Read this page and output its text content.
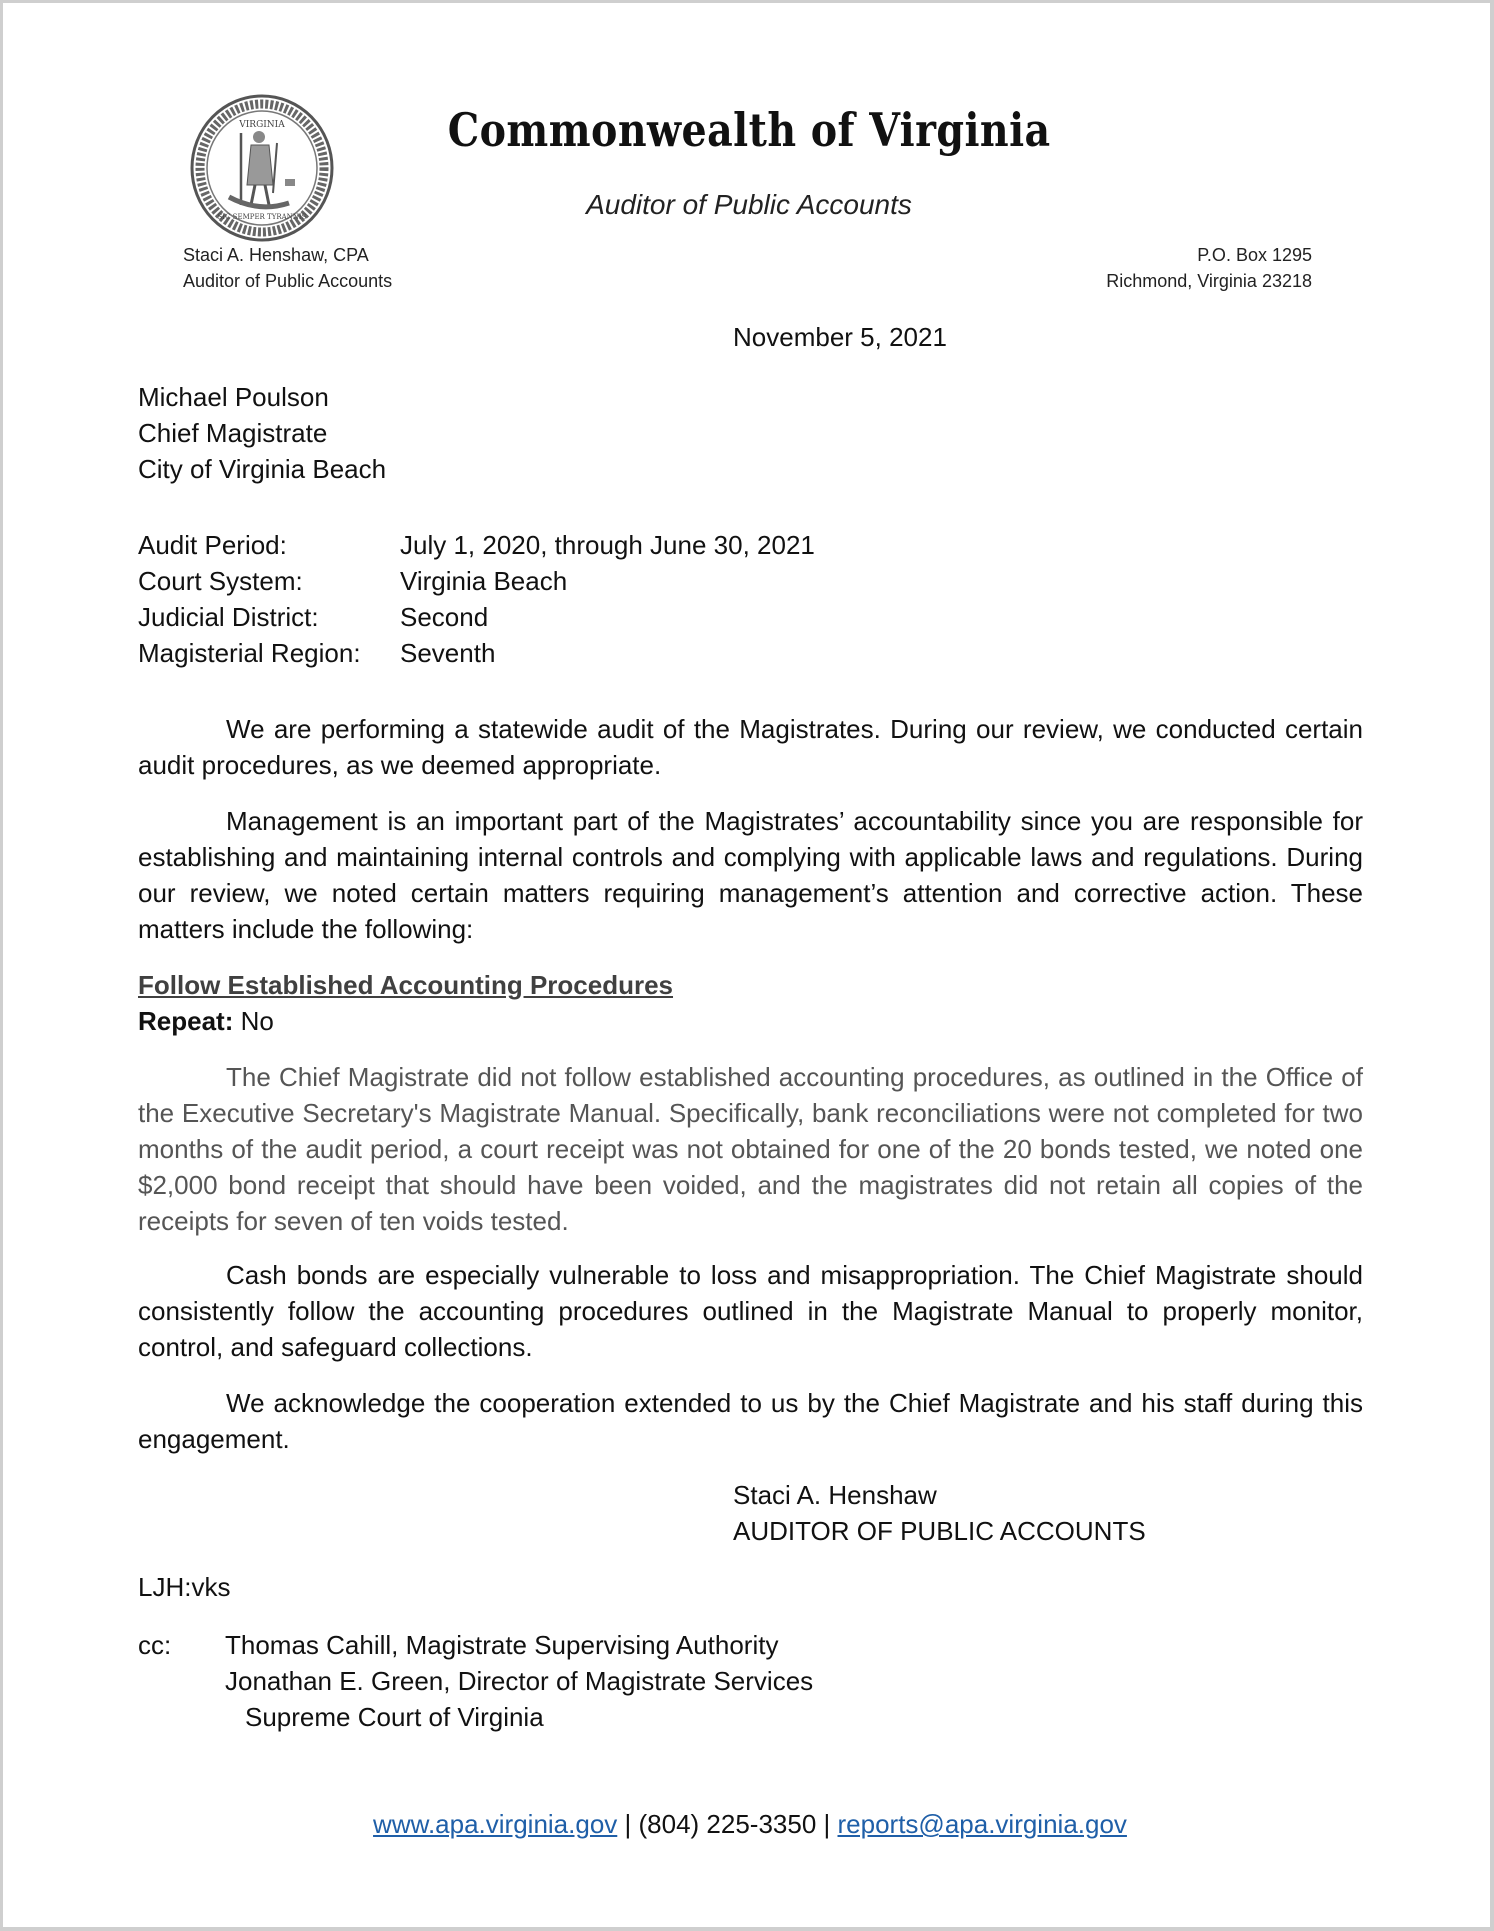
VIRGINIA
SIC SEMPER TYRANNIS
Commonwealth of Virginia
Auditor of Public Accounts
Staci A. Henshaw, CPA
Auditor of Public Accounts
P.O. Box 1295
Richmond, Virginia 23218
November 5, 2021
Michael Poulson
Chief Magistrate
City of Virginia Beach
Audit Period:	July 1, 2020, through June 30, 2021
Court System:	Virginia Beach
Judicial District:	Second
Magisterial Region:	Seventh

We are performing a statewide audit of the Magistrates. During our review, we conducted certain audit procedures, as we deemed appropriate.

Management is an important part of the Magistrates’ accountability since you are responsible for establishing and maintaining internal controls and complying with applicable laws and regulations. During our review, we noted certain matters requiring management’s attention and corrective action. These matters include the following:

Follow Established Accounting Procedures
Repeat: No

The Chief Magistrate did not follow established accounting procedures, as outlined in the Office of the Executive Secretary's Magistrate Manual. Specifically, bank reconciliations were not completed for two months of the audit period, a court receipt was not obtained for one of the 20 bonds tested, we noted one $2,000 bond receipt that should have been voided, and the magistrates did not retain all copies of the receipts for seven of ten voids tested.

Cash bonds are especially vulnerable to loss and misappropriation. The Chief Magistrate should consistently follow the accounting procedures outlined in the Magistrate Manual to properly monitor, control, and safeguard collections.

We acknowledge the cooperation extended to us by the Chief Magistrate and his staff during this engagement.

Staci A. Henshaw
AUDITOR OF PUBLIC ACCOUNTS
LJH:vks
cc: Thomas Cahill, Magistrate Supervising Authority
Jonathan E. Green, Director of Magistrate Services
Supreme Court of Virginia
www.apa.virginia.gov | (804) 225-3350 | reports@apa.virginia.gov
